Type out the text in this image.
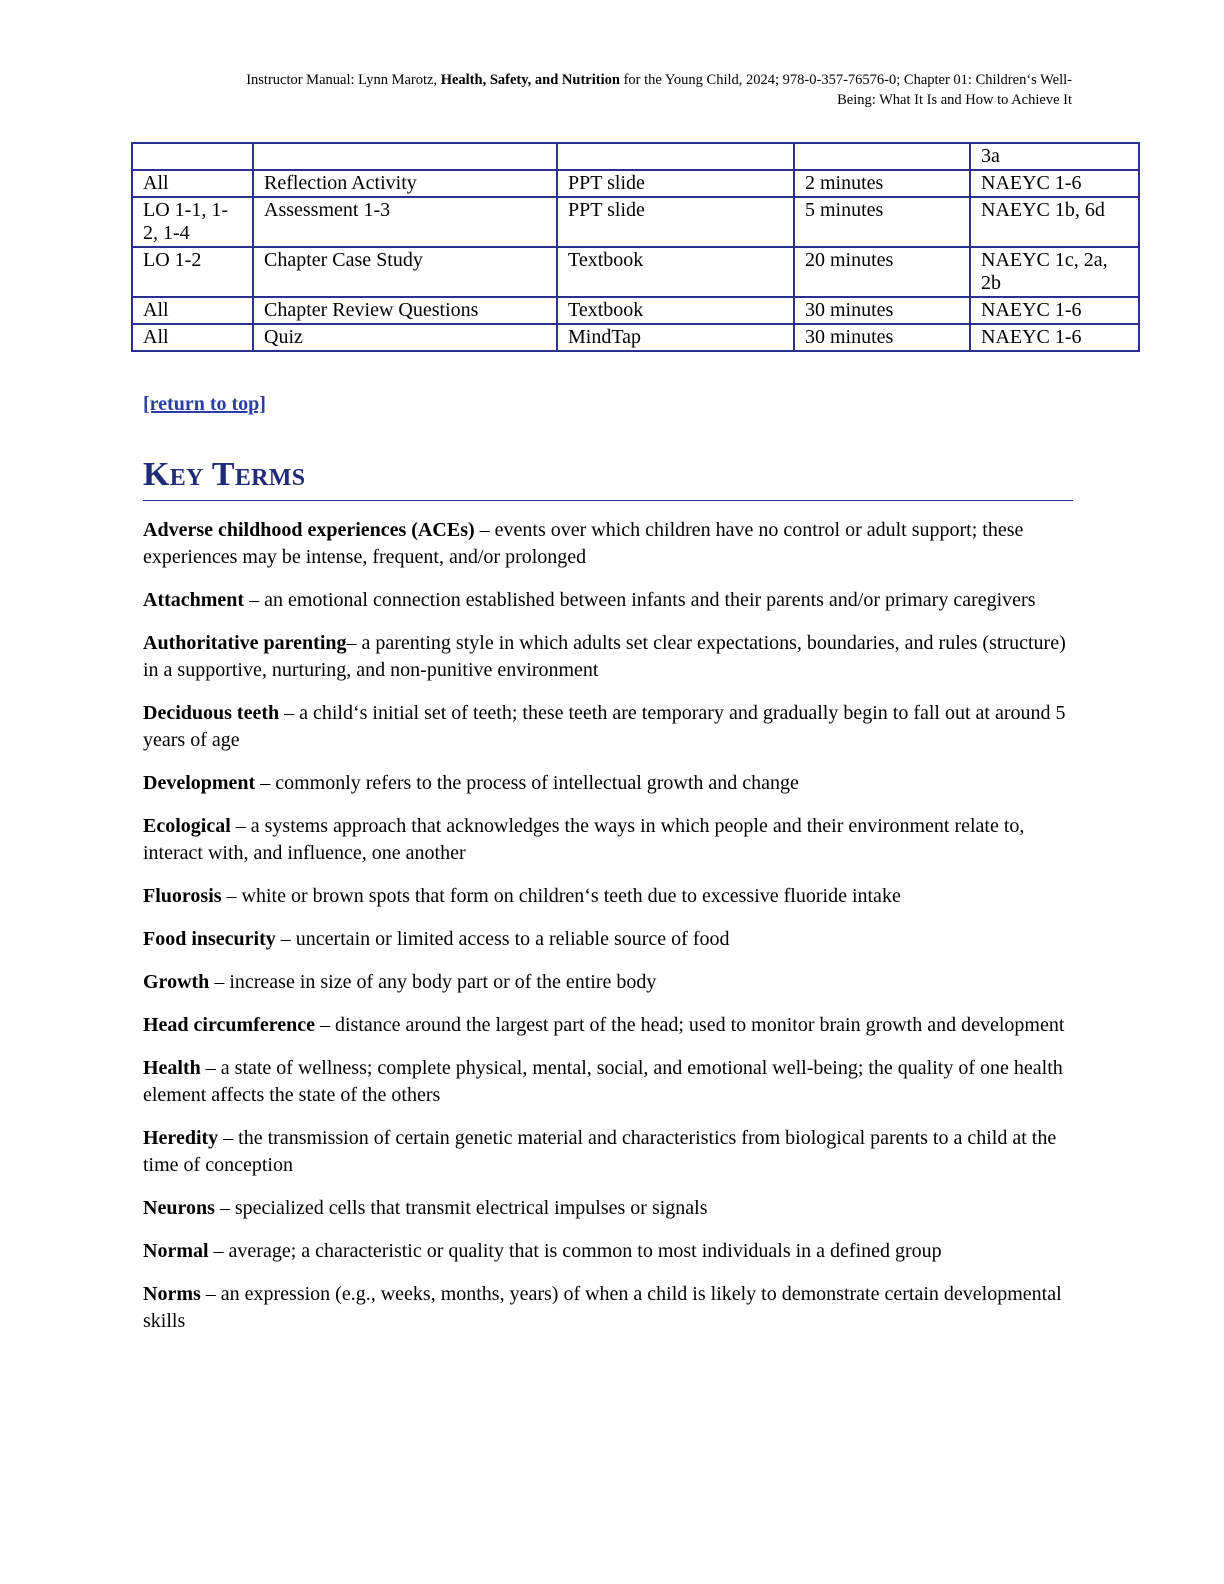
Instructor Manual: Lynn Marotz, Health, Safety, and Nutrition for the Young Child, 2024; 978-0-357-76576-0; Chapter 01: Children‘s Well-
Being: What It Is and How to Achieve It
				3a
All	Reflection Activity	PPT slide	2 minutes	NAEYC 1-6
LO 1-1, 1-2, 1-4	Assessment 1-3	PPT slide	5 minutes	NAEYC 1b, 6d
LO 1-2	Chapter Case Study	Textbook	20 minutes	NAEYC 1c, 2a, 2b
All	Chapter Review Questions	Textbook	30 minutes	NAEYC 1-6
All	Quiz	MindTap	30 minutes	NAEYC 1-6
[return to top]
Key Terms

Adverse childhood experiences (ACEs) – events over which children have no control or adult support; these experiences may be intense, frequent, and/or prolonged

Attachment – an emotional connection established between infants and their parents and/or primary caregivers

Authoritative parenting– a parenting style in which adults set clear expectations, boundaries, and rules (structure) in a supportive, nurturing, and non-punitive environment

Deciduous teeth – a child‘s initial set of teeth; these teeth are temporary and gradually begin to fall out at around 5 years of age

Development – commonly refers to the process of intellectual growth and change

Ecological – a systems approach that acknowledges the ways in which people and their environment relate to, interact with, and influence, one another

Fluorosis – white or brown spots that form on children‘s teeth due to excessive fluoride intake

Food insecurity – uncertain or limited access to a reliable source of food

Growth – increase in size of any body part or of the entire body

Head circumference – distance around the largest part of the head; used to monitor brain growth and development

Health – a state of wellness; complete physical, mental, social, and emotional well-being; the quality of one health element affects the state of the others

Heredity – the transmission of certain genetic material and characteristics from biological parents to a child at the time of conception

Neurons – specialized cells that transmit electrical impulses or signals

Normal – average; a characteristic or quality that is common to most individuals in a defined group

Norms – an expression (e.g., weeks, months, years) of when a child is likely to demonstrate certain developmental skills
